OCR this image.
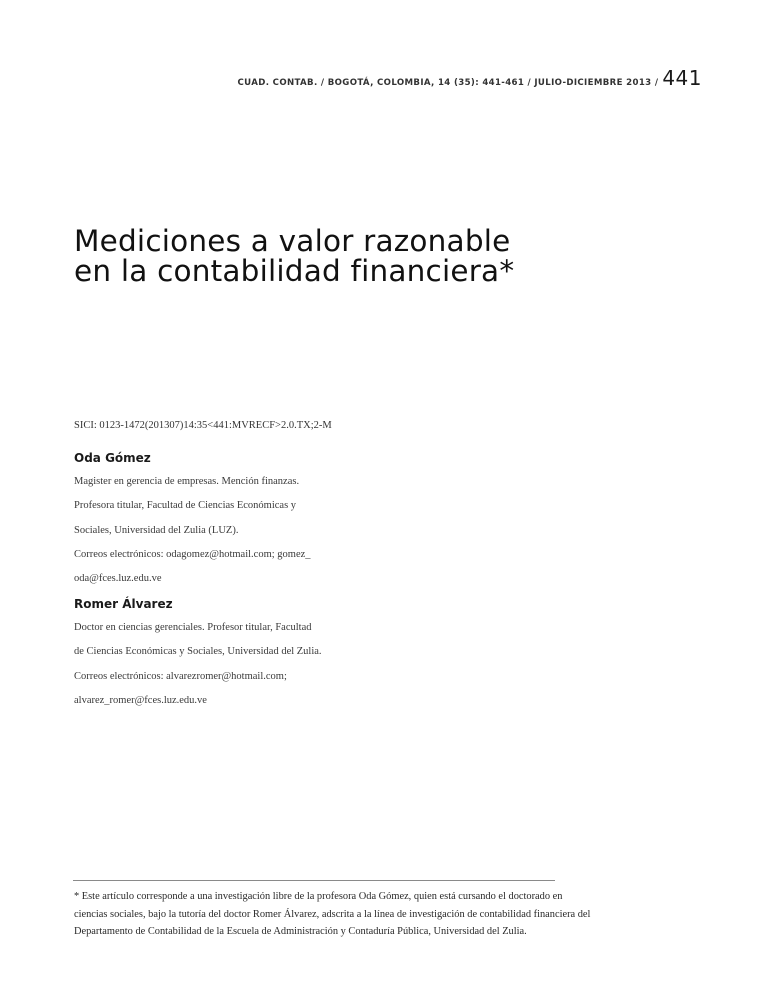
CUAD. CONTAB. / BOGOTÁ, COLOMBIA, 14 (35): 441-461 / JULIO-DICIEMBRE 2013 / 441
Mediciones a valor razonable
en la contabilidad financiera*
SICI: 0123-1472(201307)14:35<441:MVRECF>2.0.TX;2-M
Oda Gómez
Magister en gerencia de empresas. Mención finanzas.
Profesora titular, Facultad de Ciencias Económicas y
Sociales, Universidad del Zulia (LUZ).
Correos electrónicos: odagomez@hotmail.com; gomez_
oda@fces.luz.edu.ve
Romer Álvarez
Doctor en ciencias gerenciales. Profesor titular, Facultad
de Ciencias Económicas y Sociales, Universidad del Zulia.
Correos electrónicos: alvarezromer@hotmail.com;
alvarez_romer@fces.luz.edu.ve
* Este artículo corresponde a una investigación libre de la profesora Oda Gómez, quien está cursando el doctorado en
ciencias sociales, bajo la tutoría del doctor Romer Álvarez, adscrita a la línea de investigación de contabilidad financiera del
Departamento de Contabilidad de la Escuela de Administración y Contaduría Pública, Universidad del Zulia.
